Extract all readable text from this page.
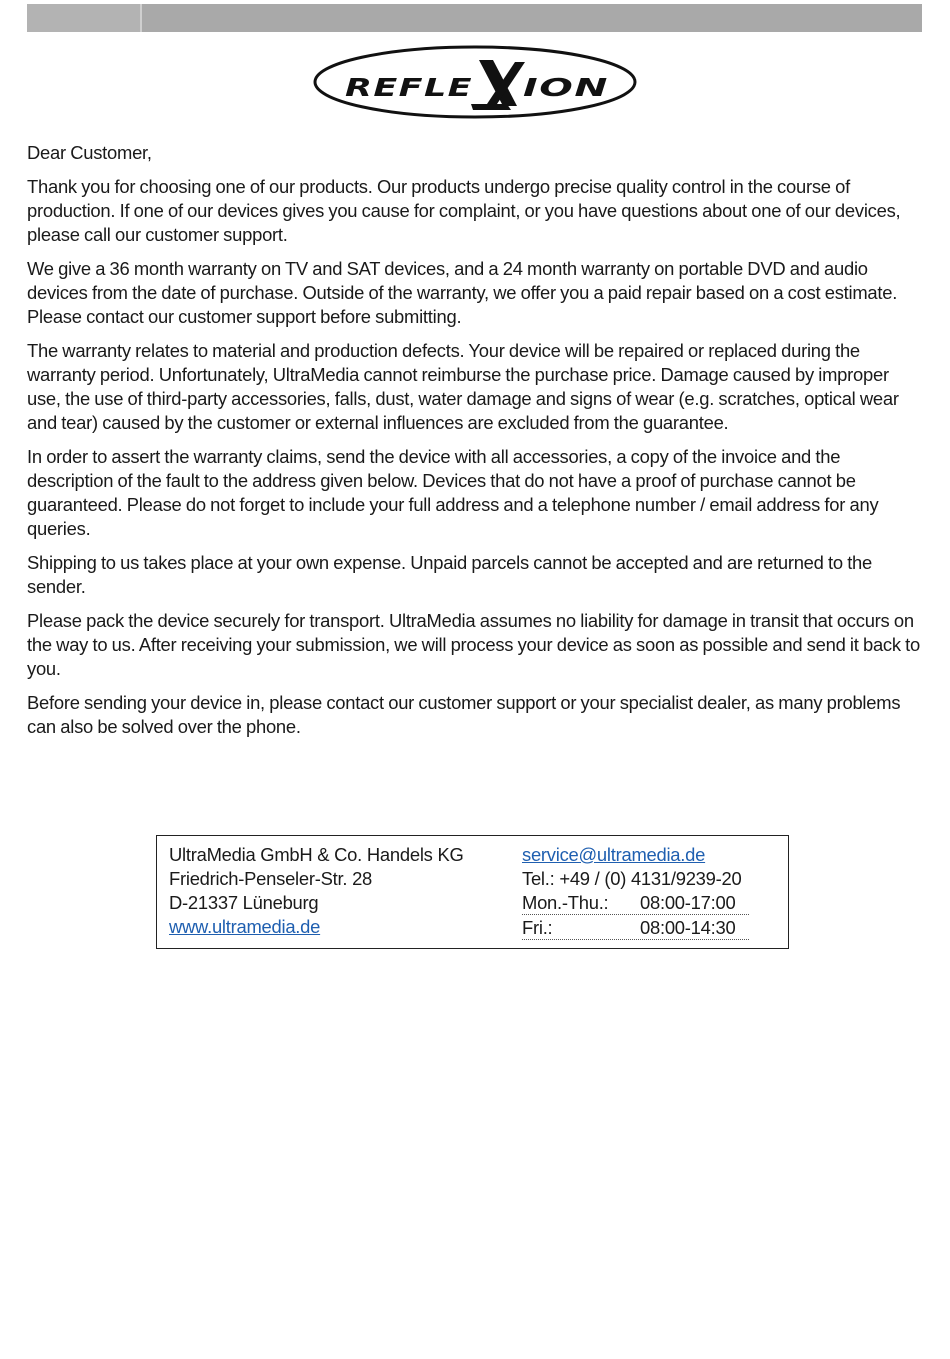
REFLE ION

Dear Customer,

Thank you for choosing one of our products. Our products undergo precise quality control in the course of production. If one of our devices gives you cause for complaint, or you have questions about one of our devices, please call our customer support.

We give a 36 month warranty on TV and SAT devices, and a 24 month warranty on portable DVD and audio devices from the date of purchase. Outside of the warranty, we offer you a paid repair based on a cost estimate. Please contact our customer support before submitting.

The warranty relates to material and production defects. Your device will be repaired or replaced during the warranty period. Unfortunately, UltraMedia cannot reimburse the purchase price. Damage caused by improper use, the use of third-party accessories, falls, dust, water damage and signs of wear (e.g. scratches, optical wear and tear) caused by the customer or external influences are excluded from the guarantee.

In order to assert the warranty claims, send the device with all accessories, a copy of the invoice and the description of the fault to the address given below. Devices that do not have a proof of purchase cannot be guaranteed. Please do not forget to include your full address and a telephone number / email address for any queries.

Shipping to us takes place at your own expense. Unpaid parcels cannot be accepted and are returned to the sender.

Please pack the device securely for transport. UltraMedia assumes no liability for damage in transit that occurs on the way to us. After receiving your submission, we will process your device as soon as possible and send it back to you.

Before sending your device in, please contact our customer support or your specialist dealer, as many problems can also be solved over the phone.

UltraMedia GmbH & Co. Handels KG
Friedrich-Penseler-Str. 28
D-21337 Lüneburg
www.ultramedia.de
service@ultramedia.de
Tel.: +49 / (0) 4131/9239-20
Mon.-Thu.:	08:00-17:00
Fri.:	08:00-14:30
